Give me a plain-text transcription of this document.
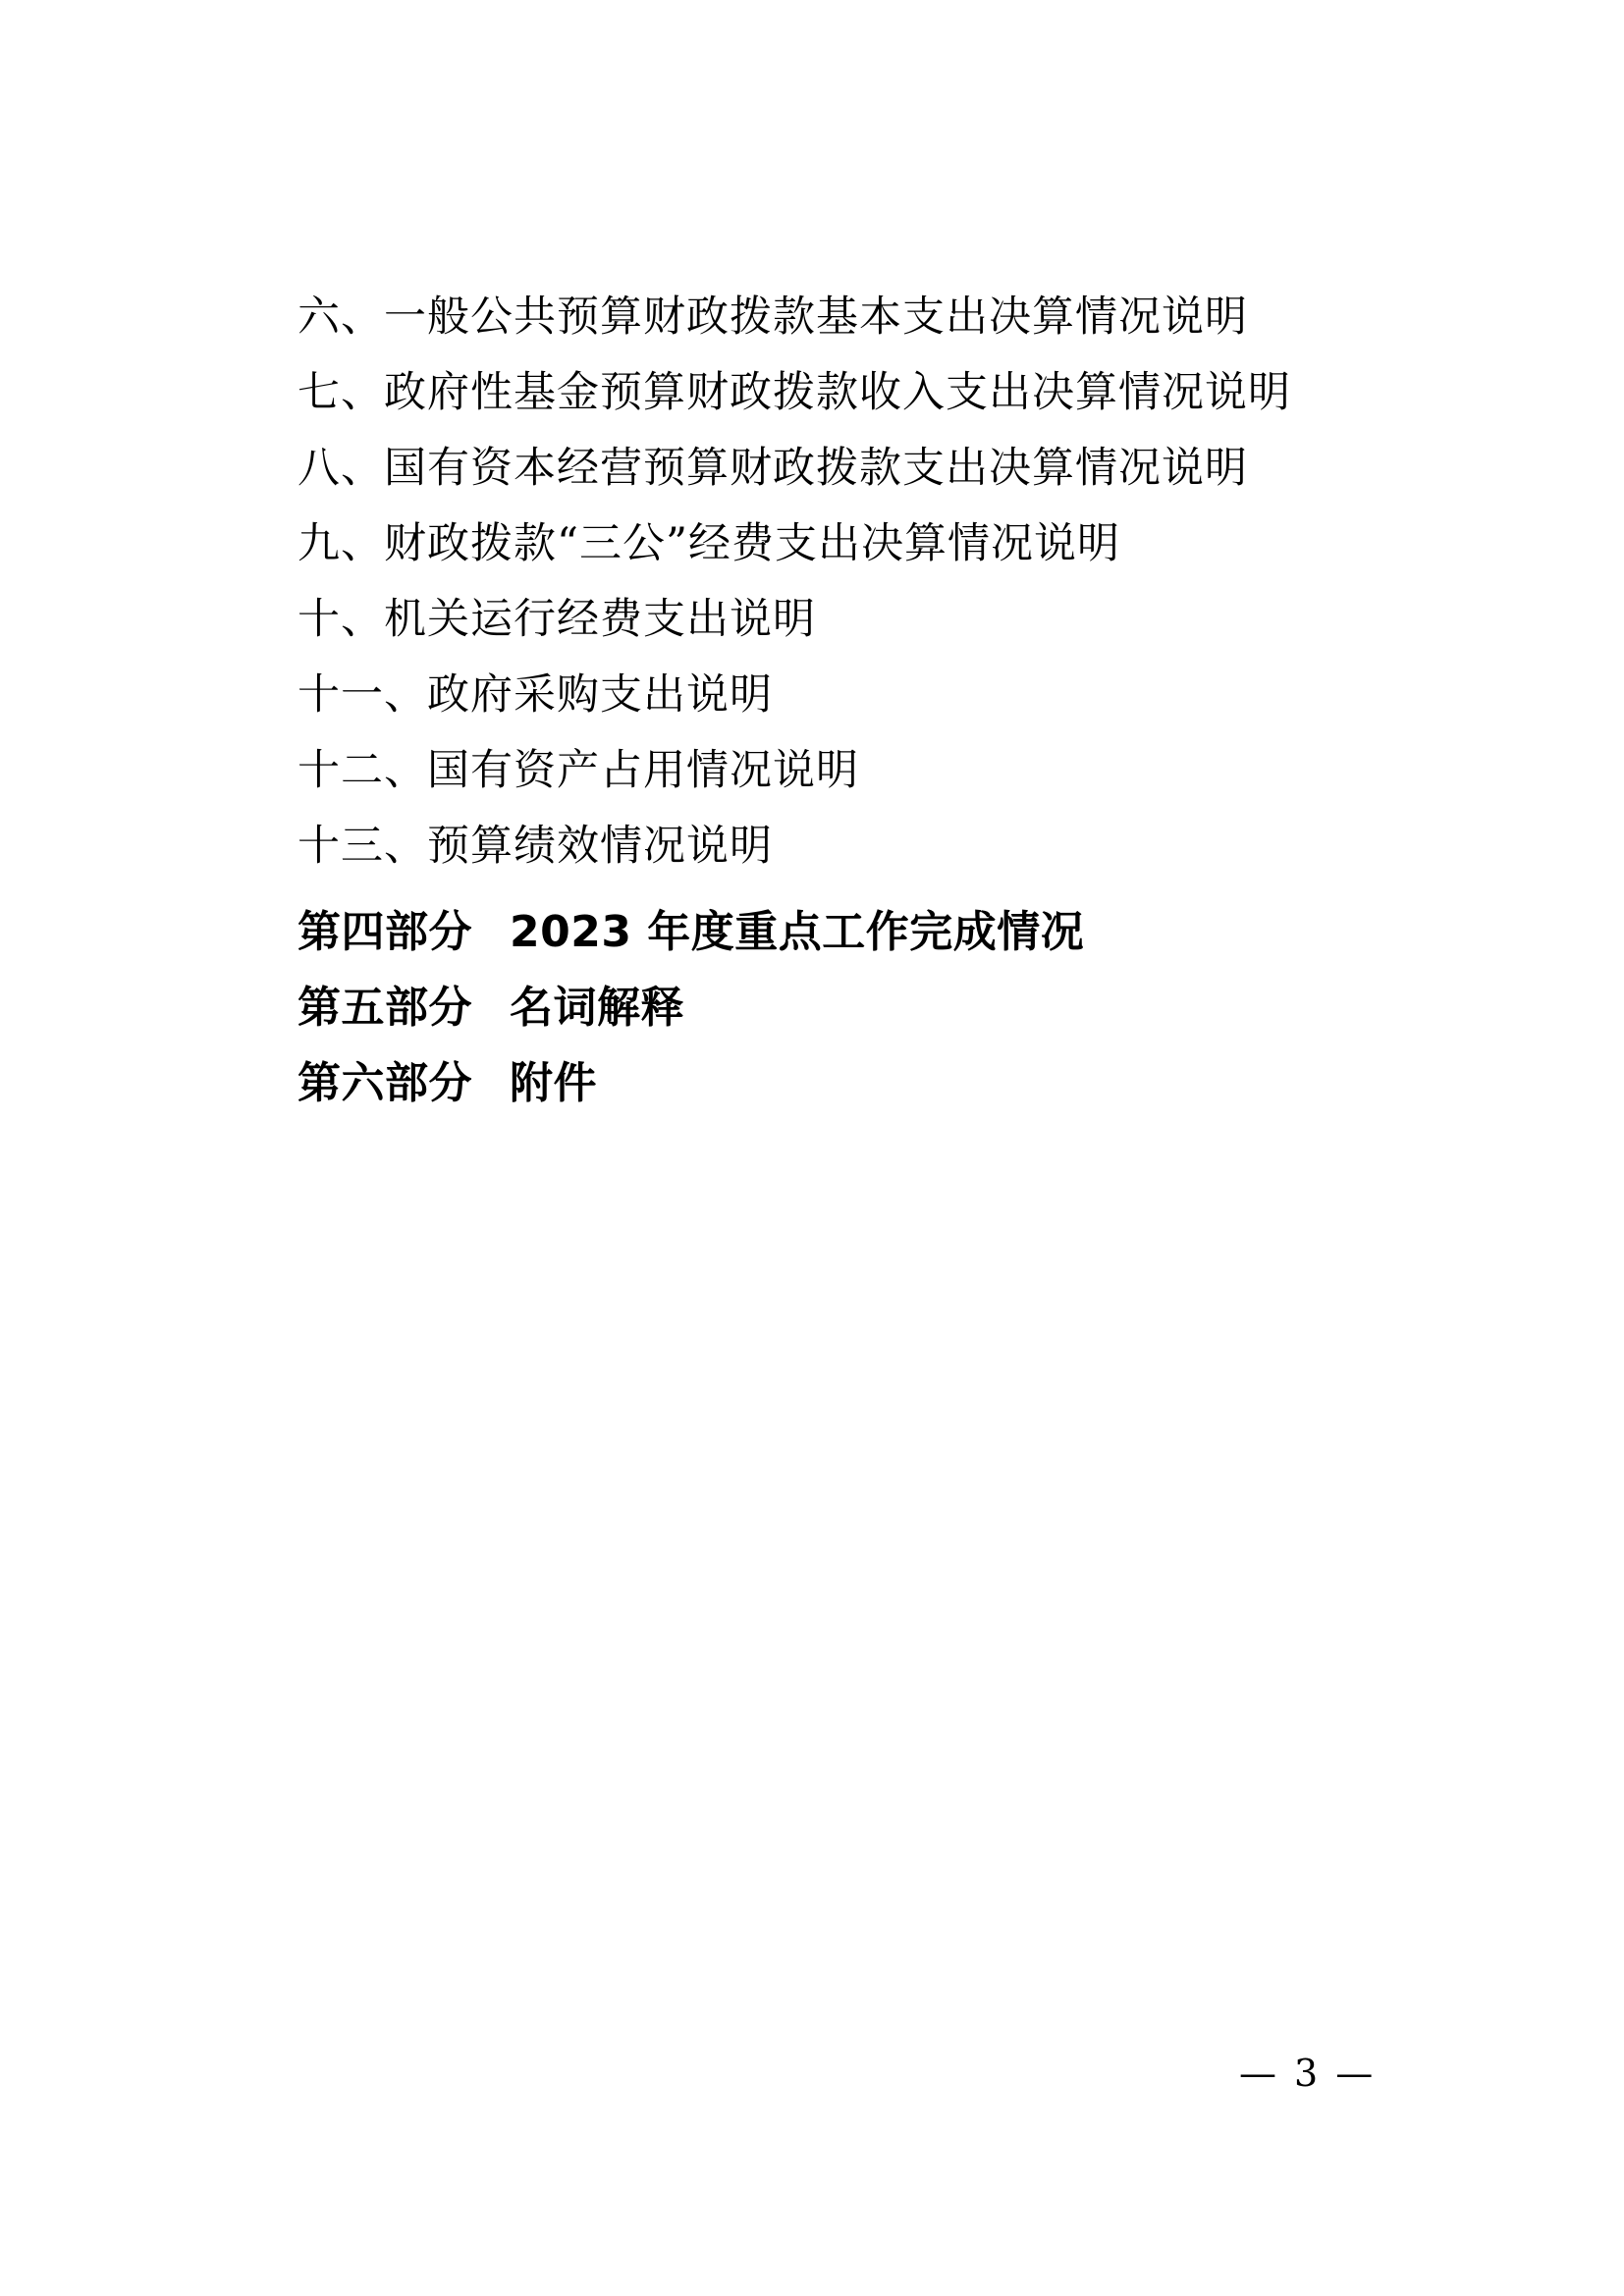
六、一般公共预算财政拨款基本支出决算情况说明
七、政府性基金预算财政拨款收入支出决算情况说明
八、国有资本经营预算财政拨款支出决算情况说明
九、财政拨款“三公”经费支出决算情况说明
十、机关运行经费支出说明
十一、政府采购支出说明
十二、国有资产占用情况说明
十三、预算绩效情况说明
第四部分 2023 年度重点工作完成情况
第五部分 名词解释
第六部分 附件
— 3 —
